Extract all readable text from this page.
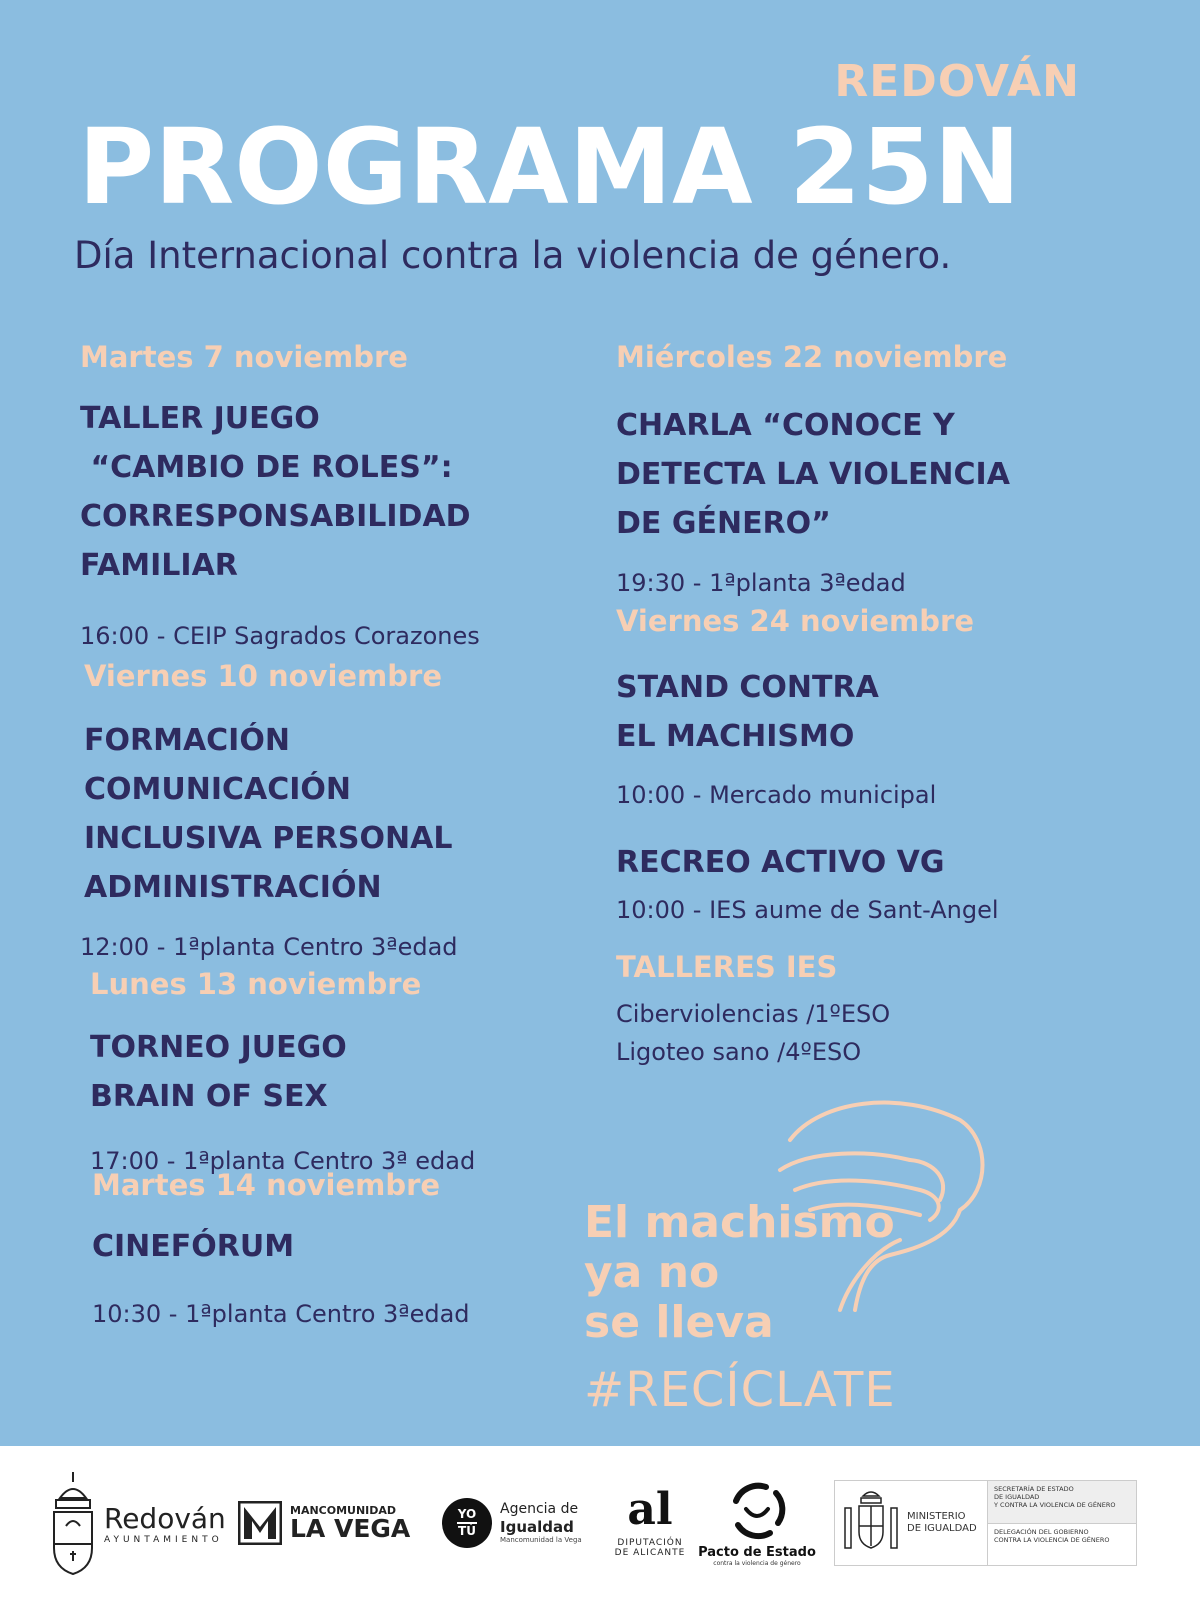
REDOVÁN
PROGRAMA 25N
Día Internacional contra la violencia de género.
Martes 7 noviembre
TALLER JUEGO
“CAMBIO DE ROLES”:
CORRESPONSABILIDAD
FAMILIAR
16:00 - CEIP Sagrados Corazones
Viernes 10 noviembre
FORMACIÓN
COMUNICACIÓN
INCLUSIVA PERSONAL
ADMINISTRACIÓN
12:00 - 1ªplanta Centro 3ªedad
Lunes 13 noviembre
TORNEO JUEGO
BRAIN OF SEX
17:00 - 1ªplanta Centro 3ª edad
Martes 14 noviembre
CINEFÓRUM
10:30 - 1ªplanta Centro 3ªedad
Miércoles 22 noviembre
CHARLA “CONOCE Y
DETECTA LA VIOLENCIA
DE GÉNERO”
19:30 - 1ªplanta 3ªedad
Viernes 24 noviembre
STAND CONTRA
EL MACHISMO
10:00 - Mercado municipal
RECREO ACTIVO VG
10:00 - IES aume de Sant-Angel
TALLERES IES
Ciberviolencias /1ºESO
Ligoteo sano /4ºESO
El machismo
ya no
se lleva
#RECÍCLATE
Redován
AYUNTAMIENTO
MANCOMUNIDAD
LA VEGA
YO
TÚ
Agencia de
Igualdad
Mancomunidad la Vega
al
DIPUTACIÓN
DE ALICANTE Pacto de Estado
contra la violencia de género
MINISTERIO
DE IGUALDAD
SECRETARÍA DE ESTADO
DE IGUALDAD
Y CONTRA LA VIOLENCIA DE GÉNERO
DELEGACIÓN DEL GOBIERNO
CONTRA LA VIOLENCIA DE GÉNERO
